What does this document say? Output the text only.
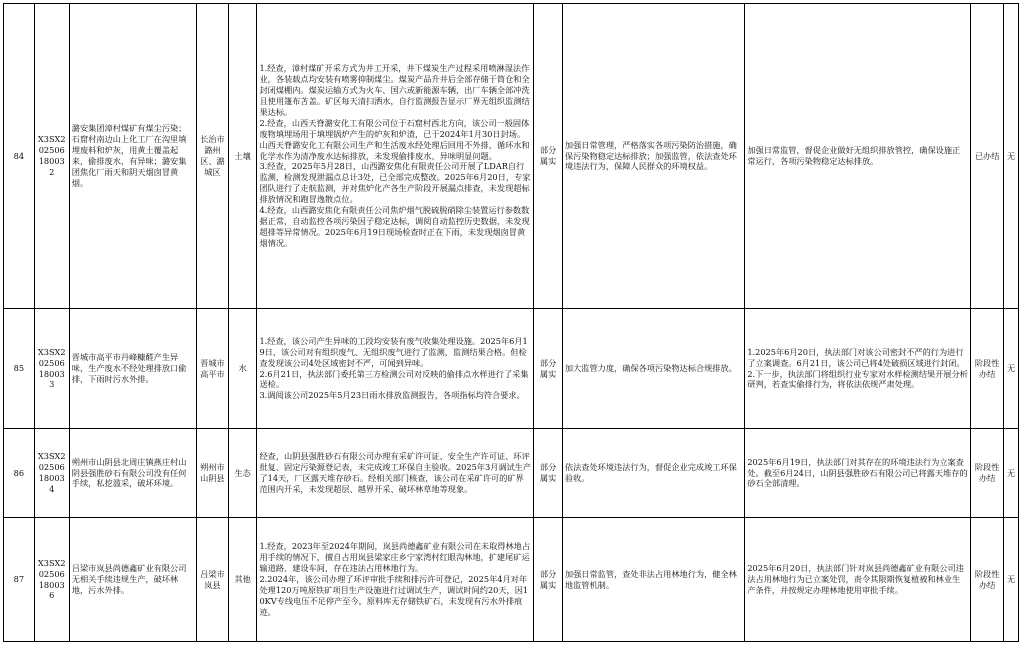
84	X3SX202506180032	潞安集团漳村煤矿有煤尘污染；石窟村南边山上化工厂在沟里填埋废料和炉灰，用黄土覆盖起来，偷排废水，有异味；潞安集团焦化厂雨天和阴天烟囱冒黄烟。	长治市潞州区、潞城区	土壤	1.经查，漳村煤矿开采方式为井工开采，井下煤炭生产过程采用喷淋湿法作业，各装载点均安装有喷雾抑制煤尘。煤炭产品升井后全部存储于筒仓和全封闭煤棚内。煤炭运输方式为火车、国六或新能源车辆，出厂车辆全部冲洗且使用篷布苫盖。矿区每天清扫洒水，自行监测报告显示厂界无组织监测结果达标。
2.经查，山西天脊潞安化工有限公司位于石窟村西北方向，该公司一般固体废物填埋场用于填埋锅炉产生的炉灰和炉渣，已于2024年1月30日封场。山西天脊潞安化工有限公司生产和生活废水经处理后回用不外排，循环水和化学水作为清净废水达标排放，未发现偷排废水、异味明显问题。
3.经查，2025年5月28日，山西潞安焦化有限责任公司开展了LDAR自行监测，检测发现泄漏点总计3处，已全部完成整改。2025年6月20日，专家团队进行了走航监测，并对焦炉化产各生产阶段开展漏点排查，未发现超标排放情况和跑冒逸散点位。
4.经查，山西潞安焦化有限责任公司焦炉烟气脱硫脱硝除尘装置运行参数数据正常，自动监控各项污染因子稳定达标，调阅自动监控历史数据，未发现超排等异常情况。2025年6月19日现场检查时正在下雨，未发现烟囱冒黄烟情况。	部分属实	加强日常管理，严格落实各项污染防治措施，确保污染物稳定达标排放；加强监管，依法查处环境违法行为，保障人民群众的环境权益。	加强日常监管，督促企业做好无组织排放管控，确保设施正常运行，各项污染物稳定达标排放。	已办结	无
85	X3SX202506180033	晋城市高平市丹峰糠醛产生异味，生产废水不经处理排放口偷排，下雨时污水外排。	晋城市高平市	水	1.经查，该公司产生异味的工段均安装有废气收集处理设施。2025年6月19日，该公司对有组织废气、无组织废气进行了监测，监测结果合格。但检查发现该公司4处区域密封不严，可闻到异味。
2.6月21日，执法部门委托第三方检测公司对反映的偷排点水样进行了采集送检。
3.调阅该公司2025年5月23日雨水排放监测报告，各项指标均符合要求。	部分属实	加大监管力度，确保各项污染物达标合规排放。	1.2025年6月20日，执法部门对该公司密封不严的行为进行了立案调查。6月21日，该公司已将4处破损区域进行封闭。
2.下一步，执法部门将组织行业专家对水样检测结果开展分析研判，若查实偷排行为，将依法依规严肃处理。	阶段性办结	无
86	X3SX202506180034	朔州市山阴县北周庄镇燕庄村山阴县强胜砂石有限公司没有任何手续，私挖滥采，破坏环境。	朔州市山阴县	生态	经查，山阴县强胜砂石有限公司办理有采矿许可证、安全生产许可证、环评批复、固定污染源登记表，未完成竣工环保自主验收。2025年3月调试生产了14天，厂区露天堆存砂石。经相关部门核查，该公司在采矿许可的矿界范围内开采，未发现超层、越界开采、破坏林草地等现象。	部分属实	依法查处环境违法行为，督促企业完成竣工环保验收。	2025年6月19日，执法部门对其存在的环境违法行为立案查处。截至6月24日，山阴县强胜砂石有限公司已将露天堆存的砂石全部清理。	阶段性办结	无
87	X3SX202506180036	吕梁市岚县尚德鑫矿业有限公司无相关手续违规生产，破坏林地，污水外排。	吕梁市岚县	其他	1.经查，2023年至2024年期间，岚县尚德鑫矿业有限公司在未取得林地占用手续的情况下，擅自占用岚县梁家庄乡宁家湾村红眼沟林地，扩建尾矿运输道路、建设车间，存在违法占用林地行为。
2.2024年，该公司办理了环评审批手续和排污许可登记，2025年4月对年处理120万吨原铁矿项目生产设施进行过调试生产，调试时间约20天，因10KV专线电压不足停产至今，原料库无存储铁矿石，未发现有污水外排痕迹。	部分属实	加强日常监管，查处非法占用林地行为，健全林地监管机制。	2025年6月20日，执法部门针对岚县尚德鑫矿业有限公司违法占用林地行为已立案处罚，责令其限期恢复植被和林业生产条件，并按规定办理林地使用审批手续。	阶段性办结	无
